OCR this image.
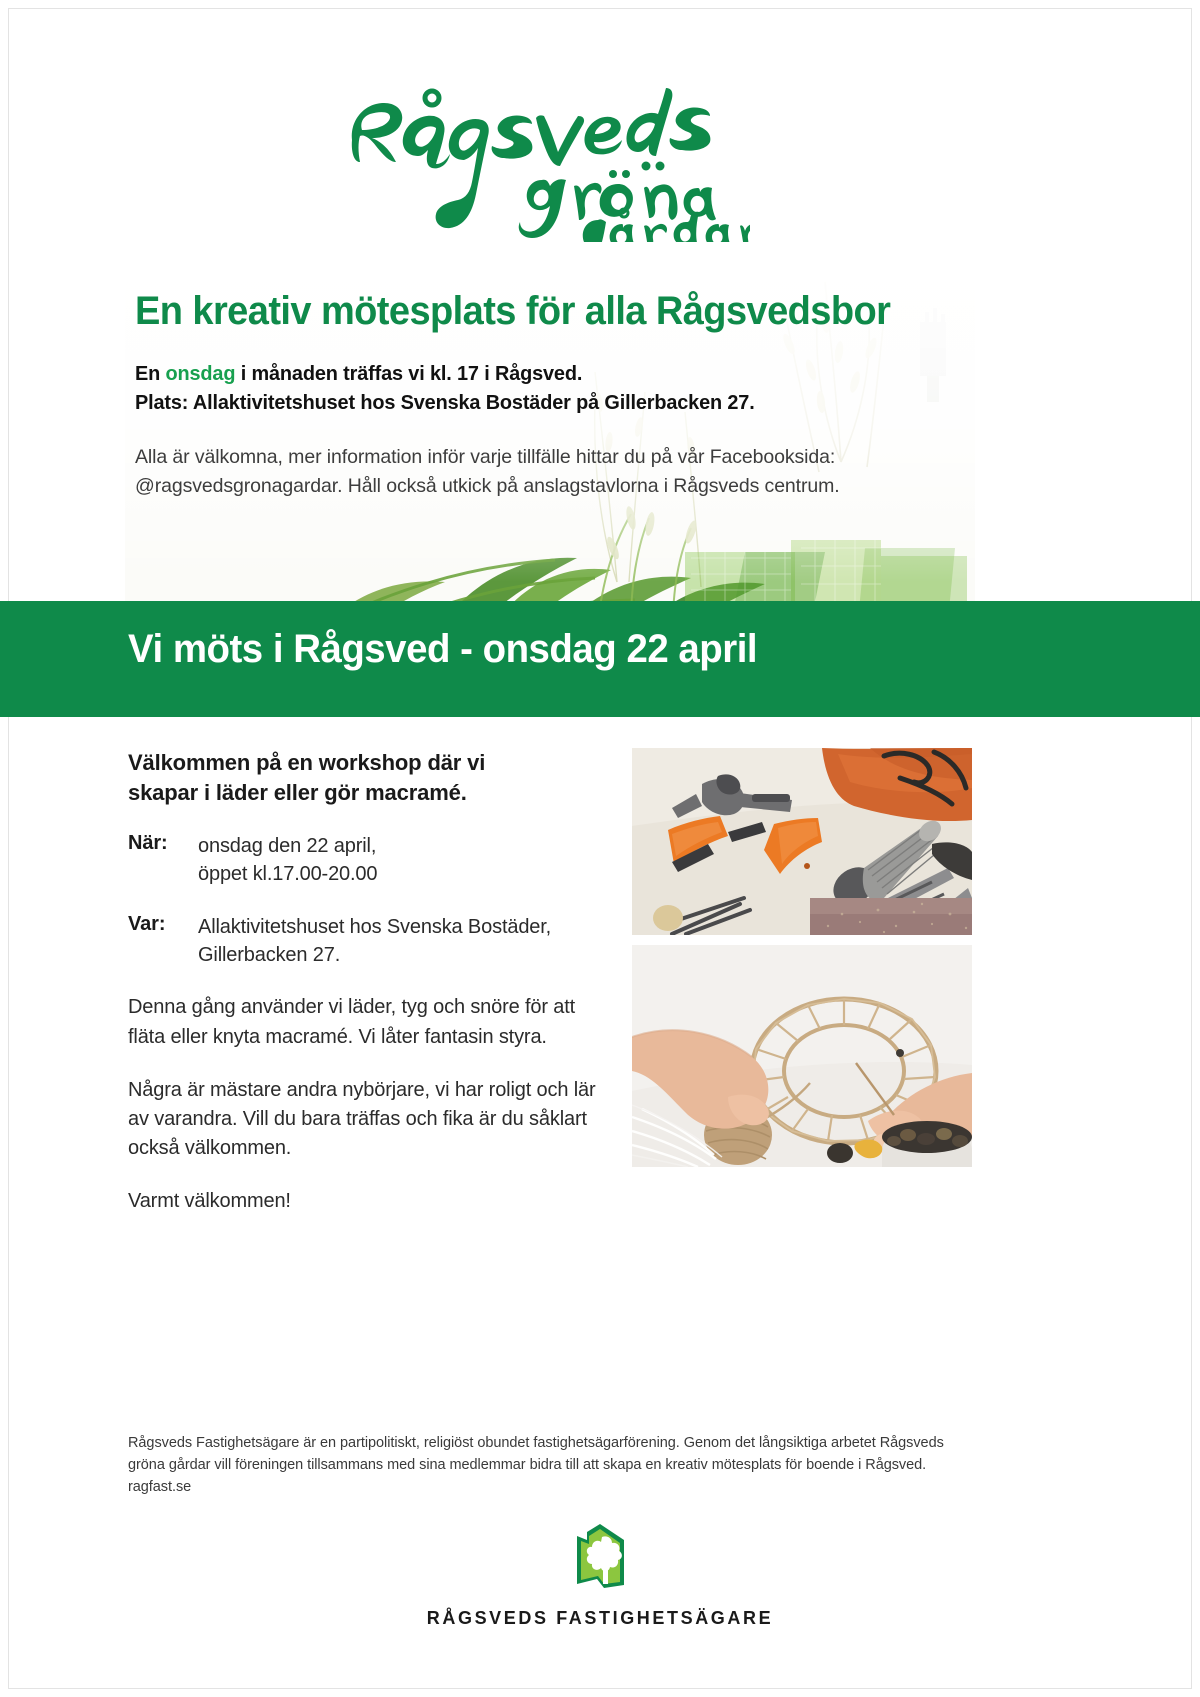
En kreativ mötesplats för alla Rågsvedsbor
En onsdag i månaden träffas vi kl. 17 i Rågsved.
Plats: Allaktivitetshuset hos Svenska Bostäder på Gillerbacken 27.
Alla är välkomna, mer information inför varje tillfälle hittar du på vår Facebooksida:
@ragsvedsgronagardar. Håll också utkick på anslagstavlorna i Rågsveds centrum.
Vi möts i Rågsved - onsdag 22 april
Välkommen på en workshop där vi
skapar i läder eller gör macramé.
När:	onsdag den 22 april,
öppet kl.17.00-20.00
Var:	Allaktivitetshuset hos Svenska Bostäder,
Gillerbacken 27.
Denna gång använder vi läder, tyg och snöre för att fläta eller knyta macramé. Vi låter fantasin styra.
Några är mästare andra nybörjare, vi har roligt och lär av varandra. Vill du bara träffas och fika är du såklart också välkommen.
Varmt välkommen!
Rågsveds Fastighetsägare är en partipolitiskt, religiöst obundet fastighetsägarförening. Genom det långsiktiga arbetet Rågsveds gröna gårdar vill föreningen tillsammans med sina medlemmar bidra till att skapa en kreativ mötesplats för boende i Rågsved. ragfast.se
RÅGSVEDS FASTIGHETSÄGARE
